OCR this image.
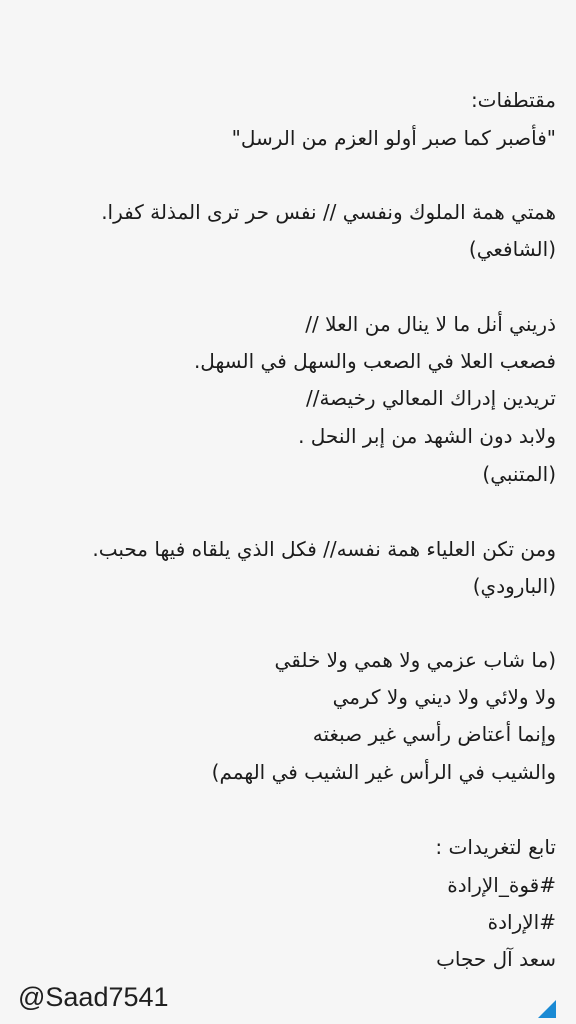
مقتطفات:
"فأصبر كما صبر أولو العزم من الرسل"
همتي همة الملوك ونفسي // نفس حر ترى المذلة كفرا.
(الشافعي)
ذريني أنل ما لا ينال من العلا //
فصعب العلا في الصعب والسهل في السهل.
تريدين إدراك المعالي رخيصة//
ولابد دون الشهد من إبر النحل .
(المتنبي)
ومن تكن العلياء همة نفسه// فكل الذي يلقاه فيها محبب.
(البارودي)
(ما شاب عزمي ولا همي ولا خلقي
ولا ولائي ولا ديني ولا كرمي
وإنما أعتاض رأسي غير صبغته
والشيب في الرأس غير الشيب في الهمم)
تابع لتغريدات :
#قوة_الإرادة
#الإرادة
سعد آل حجاب
@Saad7541
